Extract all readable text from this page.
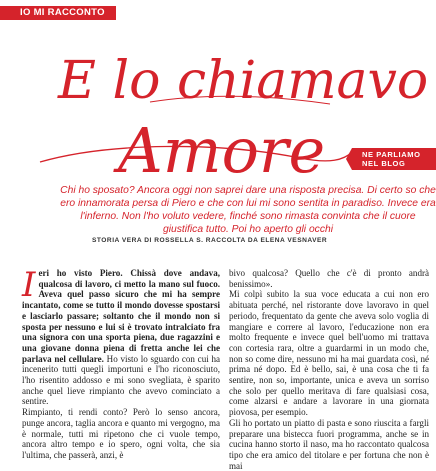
IO MI RACCONTO
E lo chiamavo
Amore	NE PARLIAMO
NEL BLOG
Chi ho sposato? Ancora oggi non saprei dare una risposta precisa. Di certo so che ero innamorata persa di Piero e che con lui mi sono sentita in paradiso. Invece era l'inferno. Non l'ho voluto vedere, finché sono rimasta convinta che il cuore giustifica tutto. Poi ho aperto gli occhi
STORIA VERA DI ROSSELLA S. RACCOLTA DA ELENA VESNAVER

Ieri ho visto Piero. Chissà dove andava, qualcosa di lavoro, ci metto la mano sul fuoco. Aveva quel passo sicuro che mi ha sempre incantato, come se tutto il mondo dovesse spostarsi e lasciarlo passare; soltanto che il mondo non si sposta per nessuno e lui si è trovato intralciato fra una signora con una sporta piena, due ragazzini e una giovane donna piena di fretta anche lei che parlava nel cellulare. Ho visto lo sguardo con cui ha incenerito tutti quegli importuni e l'ho riconosciuto, l'ho risentito addosso e mi sono svegliata, è sparito anche quel lieve rimpianto che avevo cominciato a sentire.

Rimpianto, ti rendi conto? Però lo senso ancora, punge ancora, taglia ancora e quanto mi vergogno, ma è normale, tutti mi ripetono che ci vuole tempo, ancora altro tempo e io spero, ogni volta, che sia l'ultima, che passerà, anzi, è

bivo qualcosa? Quello che c'è di pronto andrà benissimo».

Mi colpì subito la sua voce educata a cui non ero abituata perché, nel ristorante dove lavoravo in quel periodo, frequentato da gente che aveva solo voglia di mangiare e correre al lavoro, l'educazione non era molto frequente e invece quel bell'uomo mi trattava con cortesia rara, oltre a guardarmi in un modo che, non so come dire, nessuno mi ha mai guardata così, né prima né dopo. Ed è bello, sai, è una cosa che ti fa sentire, non so, importante, unica e aveva un sorriso che solo per quello meritava di fare qualsiasi cosa, come alzarsi e andare a lavorare in una giornata piovosa, per esempio.

Gli ho portato un piatto di pasta e sono riuscita a fargli preparare una bistecca fuori programma, anche se in cucina hanno storto il naso, ma ho raccontato qualcosa tipo che era amico del titolare e per fortuna che non è mai
